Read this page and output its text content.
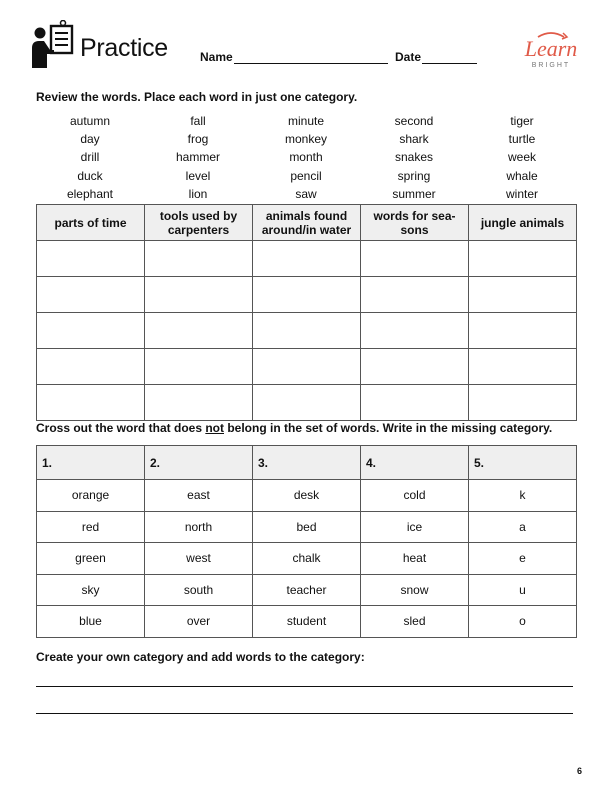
Practice	Name	Date	Learn
BRIGHT
Review the words. Place each word in just one category.
autumn	fall	minute	second	tiger
day	frog	monkey	shark	turtle
drill	hammer	month	snakes	week
duck	level	pencil	spring	whale
elephant	lion	saw	summer	winter
parts of time	tools used by carpenters	animals found around/in water	words for sea- sons	jungle animals

Cross out the word that does not belong in the set of words. Write in the missing category.
1.	2.	3.	4.	5.
orange	east	desk	cold	k
red	north	bed	ice	a
green	west	chalk	heat	e
sky	south	teacher	snow	u
blue	over	student	sled	o
Create your own category and add words to the category:
6
